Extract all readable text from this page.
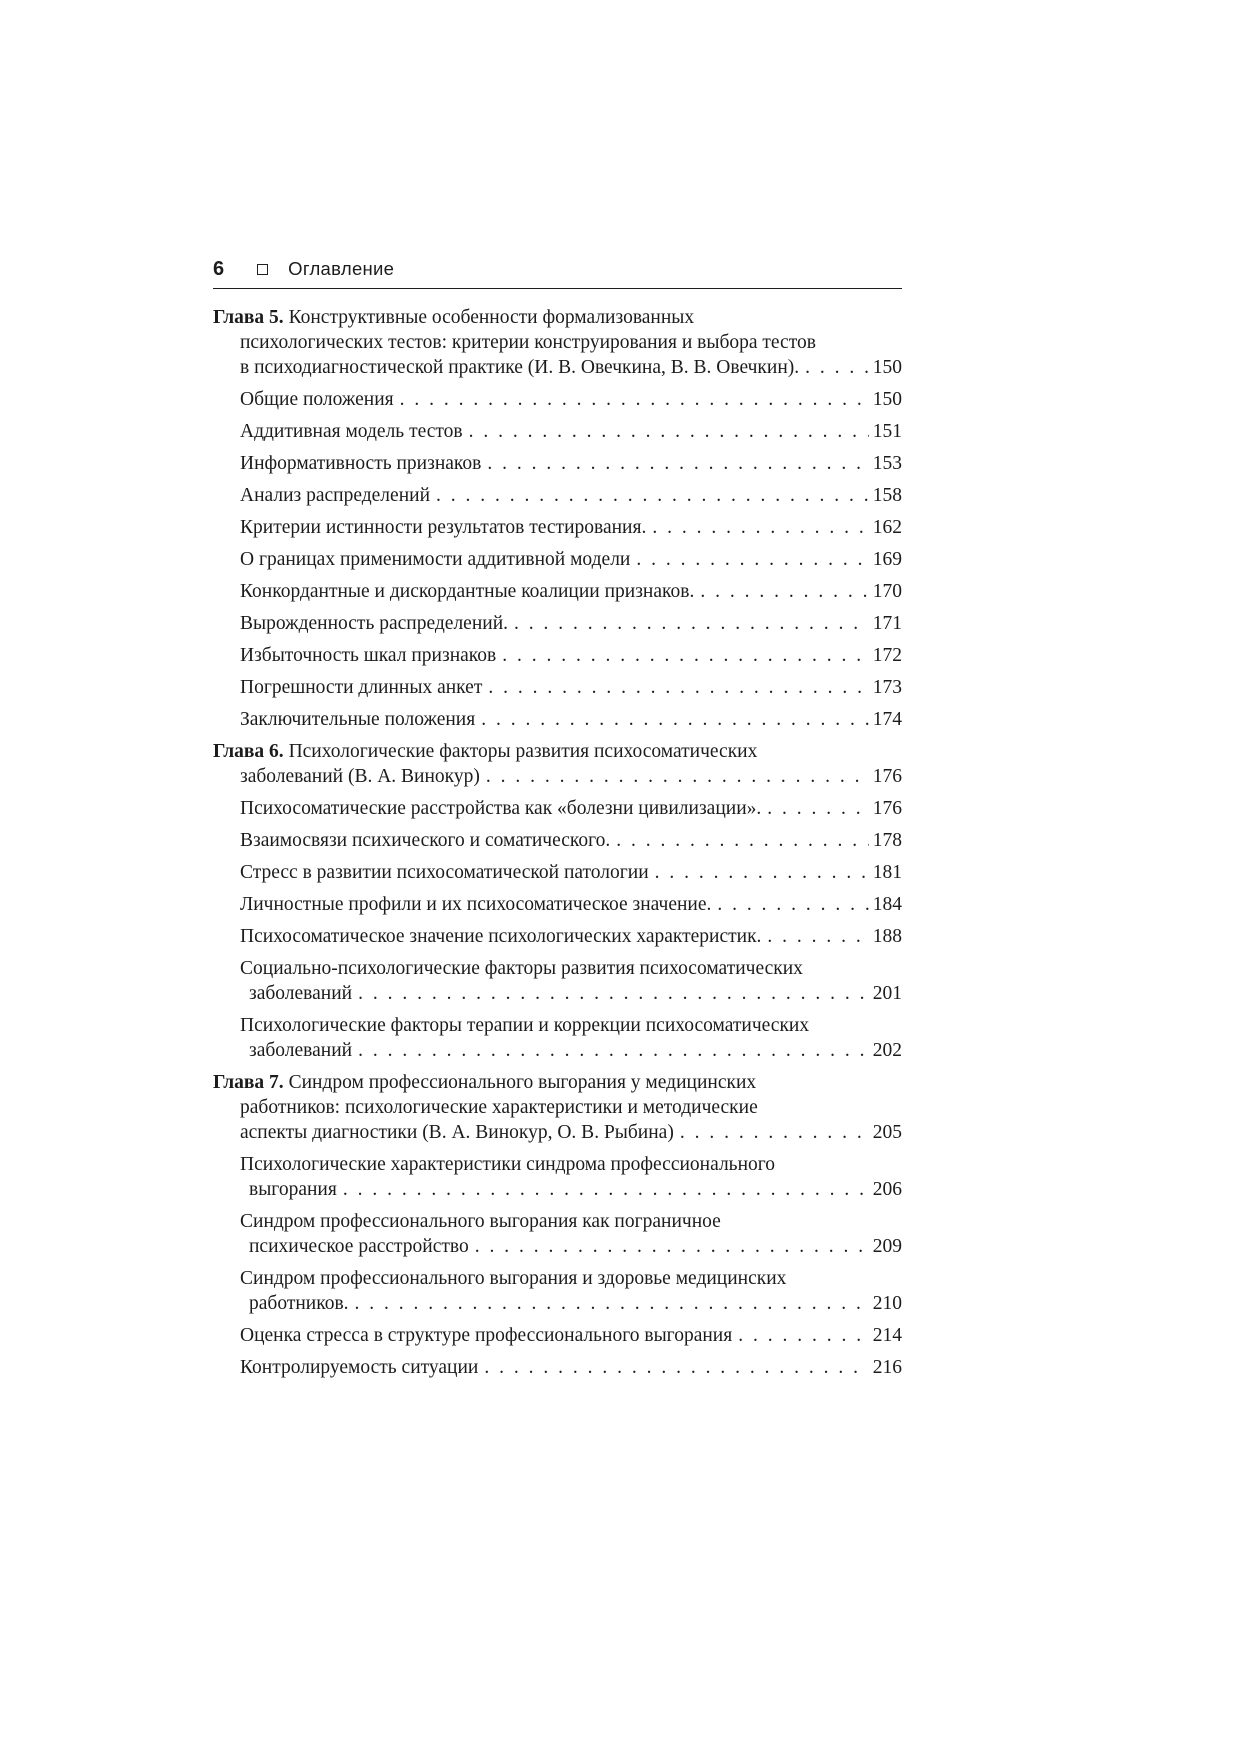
6	Оглавление
Глава 5. Конструктивные особенности формализованных
психологических тестов: критерии конструирования и выбора тестов
в психодиагностической практике (И. В. Овечкина, В. В. Овечкин). . . .	150
Общие положения . . .	150
Аддитивная модель тестов . . .	151
Информативность признаков . . .	153
Анализ распределений . . .	158
Критерии истинности результатов тестирования. . . .	162
О границах применимости аддитивной модели . . .	169
Конкордантные и дискордантные коалиции признаков. . . .	170
Вырожденность распределений. . . .	171
Избыточность шкал признаков . . .	172
Погрешности длинных анкет . . .	173
Заключительные положения . . .	174
Глава 6. Психологические факторы развития психосоматических
заболеваний (В. А. Винокур) . . .	176
Психосоматические расстройства как «болезни цивилизации». . . .	176
Взаимосвязи психического и соматического. . . .	178
Стресс в развитии психосоматической патологии . . .	181
Личностные профили и их психосоматическое значение. . . .	184
Психосоматическое значение психологических характеристик. . . .	188
Социально-психологические факторы развития психосоматических
заболеваний . . .	201
Психологические факторы терапии и коррекции психосоматических
заболеваний . . .	202
Глава 7. Синдром профессионального выгорания у медицинских
работников: психологические характеристики и методические
аспекты диагностики (В. А. Винокур, О. В. Рыбина) . . .	205
Психологические характеристики синдрома профессионального
выгорания . . .	206
Синдром профессионального выгорания как пограничное
психическое расстройство . . .	209
Синдром профессионального выгорания и здоровье медицинских
работников. . . .	210
Оценка стресса в структуре профессионального выгорания . . .	214
Контролируемость ситуации . . .	216
